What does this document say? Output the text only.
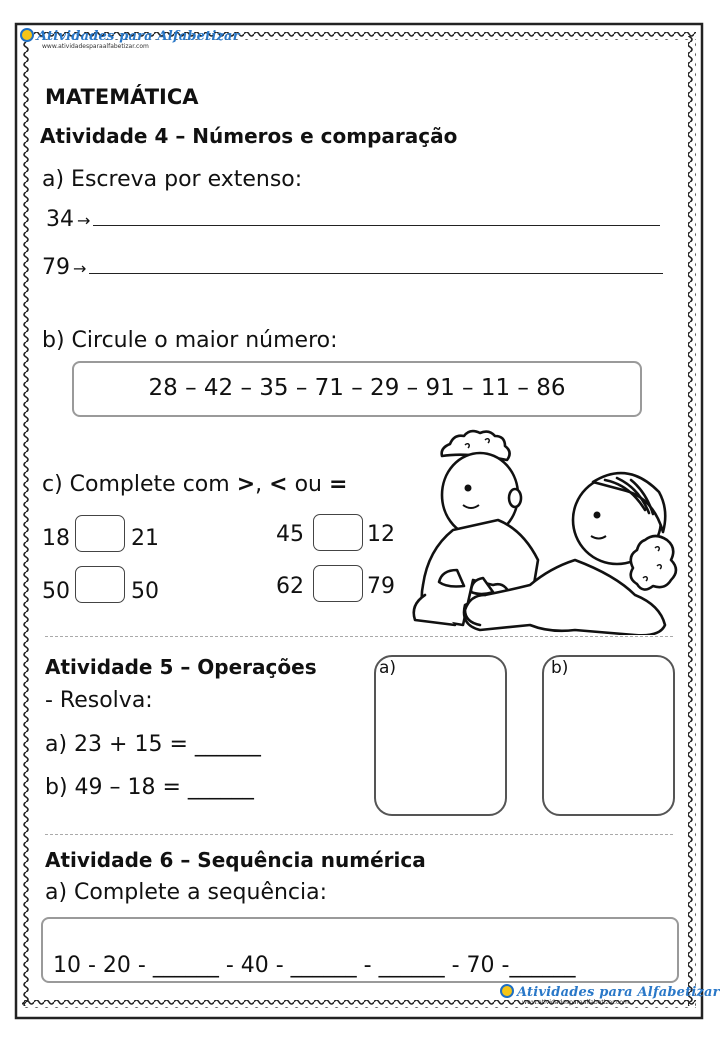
Atividades para Alfabetizar
www.atividadesparaalfabetizar.com
MATEMÁTICA
Atividade 4 – Números e comparação
a) Escreva por extenso:
34 →
79 →
b) Circule o maior número:
28 – 42 – 35 – 71 – 29 – 91 – 11 – 86
c) Complete com >, < ou =
18	21	45	12
50	50	62	79
Atividade 5 – Operações
- Resolva:
a) 23 + 15 = ______
b) 49 – 18 = ______
a)	b)
Atividade 6 – Sequência numérica
a) Complete a sequência:
10 - 20 - ______ - 40 - ______ - ______ - 70 -______
Atividades para Alfabetizar
www.atividadesparaalfabetizar.com
